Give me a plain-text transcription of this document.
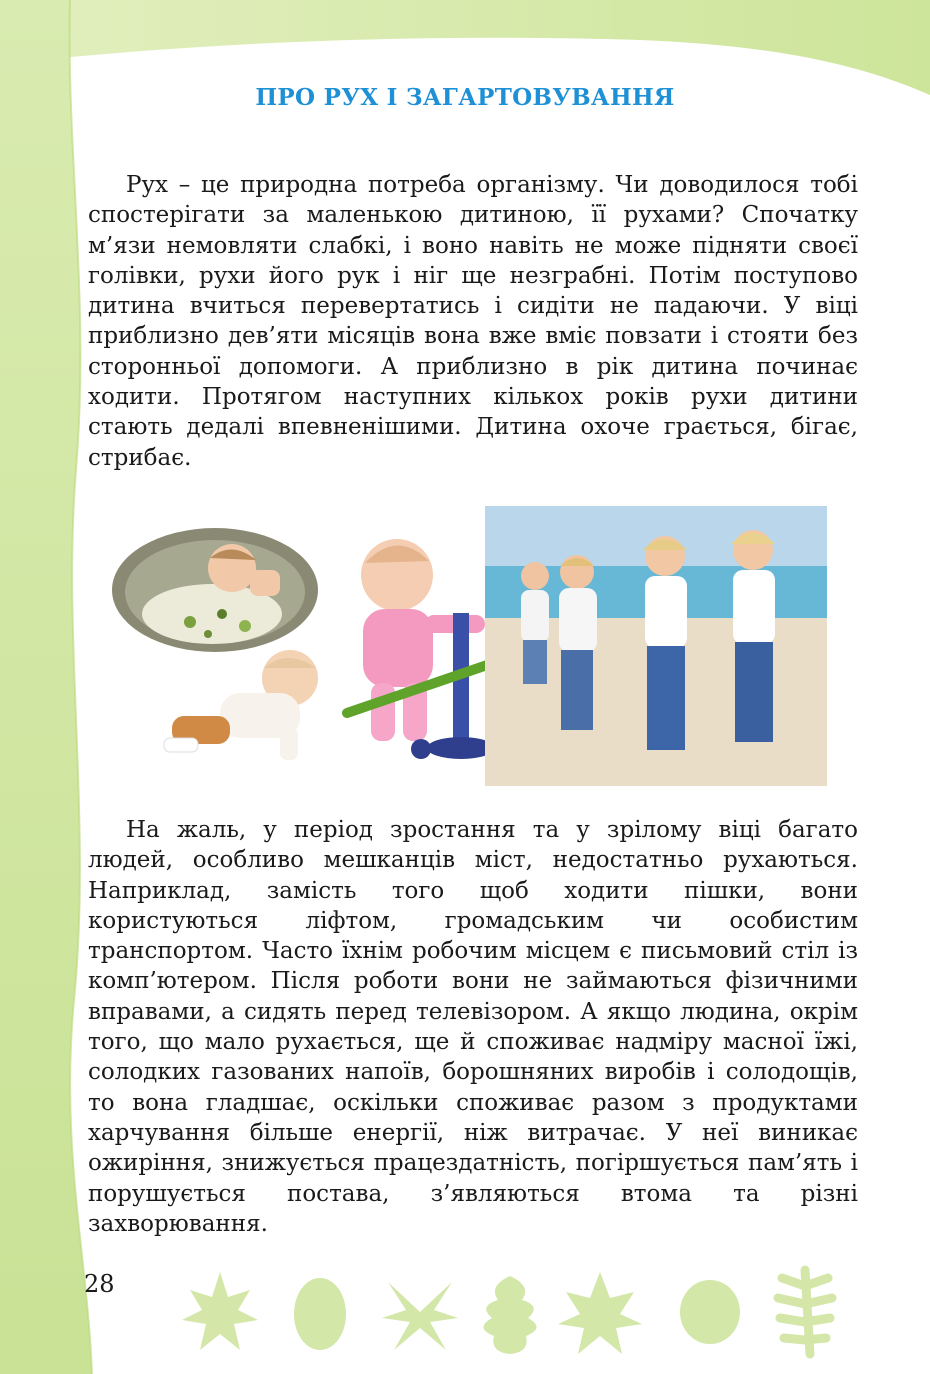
ПРО РУХ І ЗАГАРТОВУВАННЯ

Рух – це природна потреба організму. Чи доводилося тобі спостерігати за маленькою дитиною, її рухами? Спочатку м’язи немовляти слабкі, і воно навіть не може підняти своєї голівки, рухи його рук і ніг ще незграбні. Потім поступово дитина вчиться перевертатись і сидіти не падаючи. У віці приблизно дев’яти місяців вона вже вміє повзати і стояти без сторонньої допомоги. А приблизно в рік дитина починає ходити. Протягом наступних кількох років рухи дитини стають дедалі впевненішими. Дитина охоче грається, бігає, стрибає.

На жаль, у період зростання та у зрілому віці багато людей, особливо мешканців міст, недостатньо рухаються. Наприклад, замість того щоб ходити пішки, вони користуються ліфтом, громадським чи особистим транспортом. Часто їхнім робочим місцем є письмовий стіл із комп’ютером. Після роботи вони не займаються фізичними вправами, а сидять перед телевізором. А якщо людина, окрім того, що мало рухається, ще й споживає надміру масної їжі, солодких газованих напоїв, борошняних виробів і солодощів, то вона гладшає, оскільки споживає разом з продуктами харчування більше енергії, ніж витрачає. У неї виникає ожиріння, знижується працездатність, погіршується пам’ять і порушується постава, з’являються втома та різні захворювання.

28
